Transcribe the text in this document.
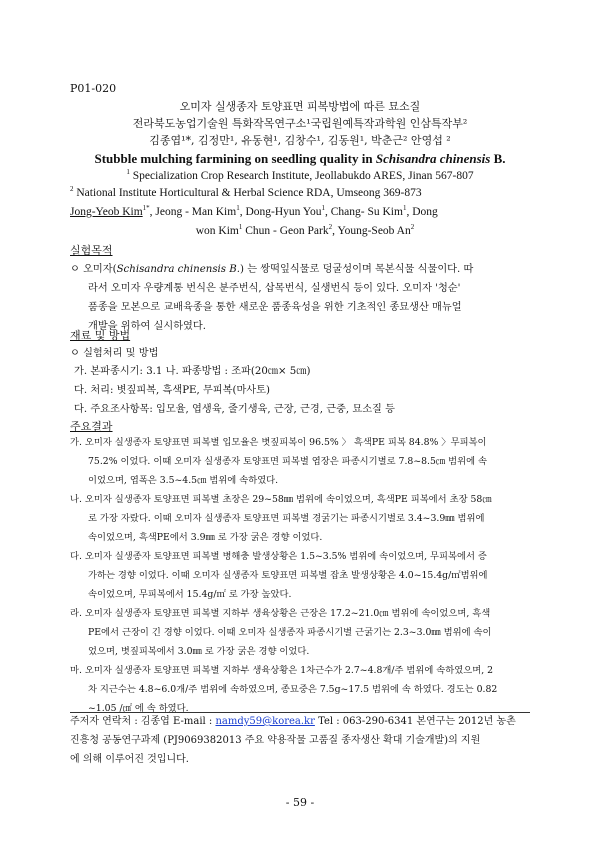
P01-020
오미자 실생종자 토양표면 피복방법에 따른 묘소질
전라북도농업기술원 특화작목연구소¹국립원예특작과학원 인삼특작부²
김종엽¹*, 김정만¹, 유동현¹, 김창수¹, 김동원¹, 박춘근² 안영섭 ²
Stubble mulching farmining on seedling quality in Schisandra chinensis B.
$^1$ Specialization Crop Research Institute, Jeollabukdo ARES, Jinan 567-807
$^2$ National Institute Horticultural & Herbal Science RDA, Umseong 369-873
Jong-Yeob Kim$^{1*}$, Jeong - Man Kim$^1$, Dong-Hyun You$^1$, Chang- Su Kim$^1$, Dong
won Kim$^1$ Chun - Geon Park$^2$, Young-Seob An$^2$
실험목적
ㅇ 오미자(Schisandra chinensis B.) 는 쌍떡잎식물로 덩굴성이며 목본식물 식물이다. 따
라서 오미자 우량계통 번식은 분주번식, 삽목번식, 실생번식 등이 있다. 오미자 '청순'
품종을 모본으로 교배육종을 통한 새로운 품종육성을 위한 기초적인 종묘생산 매뉴얼
개발을 위하여 실시하였다.
재료 및 방법
ㅇ 실험처리 및 방법
가. 본파종시기: 3.1 나. 파종방법 : 조파(20㎝× 5㎝)
다. 처리: 볏짚피복, 흑색PE, 무피복(마사토)
다. 주요조사항목: 입모율, 엽생육, 줄기생육, 근장, 근경, 근중, 묘소질 등
주요결과
가. 오미자 실생종자 토양표면 피복별 입모율은 볏짚피복이 96.5% 〉 흑색PE 피복 84.8% 〉무피복이
75.2% 이었다. 이때 오미자 실생종자 토양표면 피복별 엽장은 파종시기별로 7.8~8.5㎝ 범위에 속
이었으며, 엽폭은 3.5~4.5㎝ 범위에 속하였다.
나. 오미자 실생종자 토양표면 피복별 초장은 29~58㎜ 범위에 속이었으며, 흑색PE 피복에서 초장 58㎝
로 가장 자랐다. 이때 오미자 실생종자 토양표면 피복별 경굵기는 파종시기별로 3.4~3.9㎜ 범위에
속이었으며, 흑색PE에서 3.9㎜ 로 가장 굵은 경향 이었다.
다. 오미자 실생종자 토양표면 피복별 병해충 발생상황은 1.5~3.5% 범위에 속이었으며, 무피복에서 증
가하는 경향 이었다. 이때 오미자 실생종자 토양표면 피복별 잡초 발생상황은 4.0~15.4g/㎡범위에
속이었으며, 무피복에서 15.4g/㎡ 로 가장 높았다.
라. 오미자 실생종자 토양표면 피복별 지하부 생육상황은 근장은 17.2~21.0㎝ 범위에 속이었으며, 흑색
PE에서 근장이 긴 경향 이었다. 이때 오미자 실생종자 파종시기별 근굵기는 2.3~3.0㎜ 범위에 속이
었으며, 볏짚피복에서 3.0㎜ 로 가장 굵은 경향 이었다.
마. 오미자 실생종자 토양표면 피복별 지하부 생육상황은 1차근수가 2.7~4.8개/주 범위에 속하였으며, 2
차 지근수는 4.8~6.0개/주 범위에 속하였으며, 종묘중은 7.5g~17.5 범위에 속 하였다. 경도는 0.82
~1.05 /㎠ 에 속 하였다.
주저자 연락처 : 김종엽 E-mail : namdy59@korea.kr Tel : 063-290-6341 본연구는 2012년 농촌
진흥청 공동연구과제 (PJ9069382013 주요 약용작물 고품질 종자생산 확대 기술개발)의 지원
에 의해 이루어진 것입니다.
- 59 -
